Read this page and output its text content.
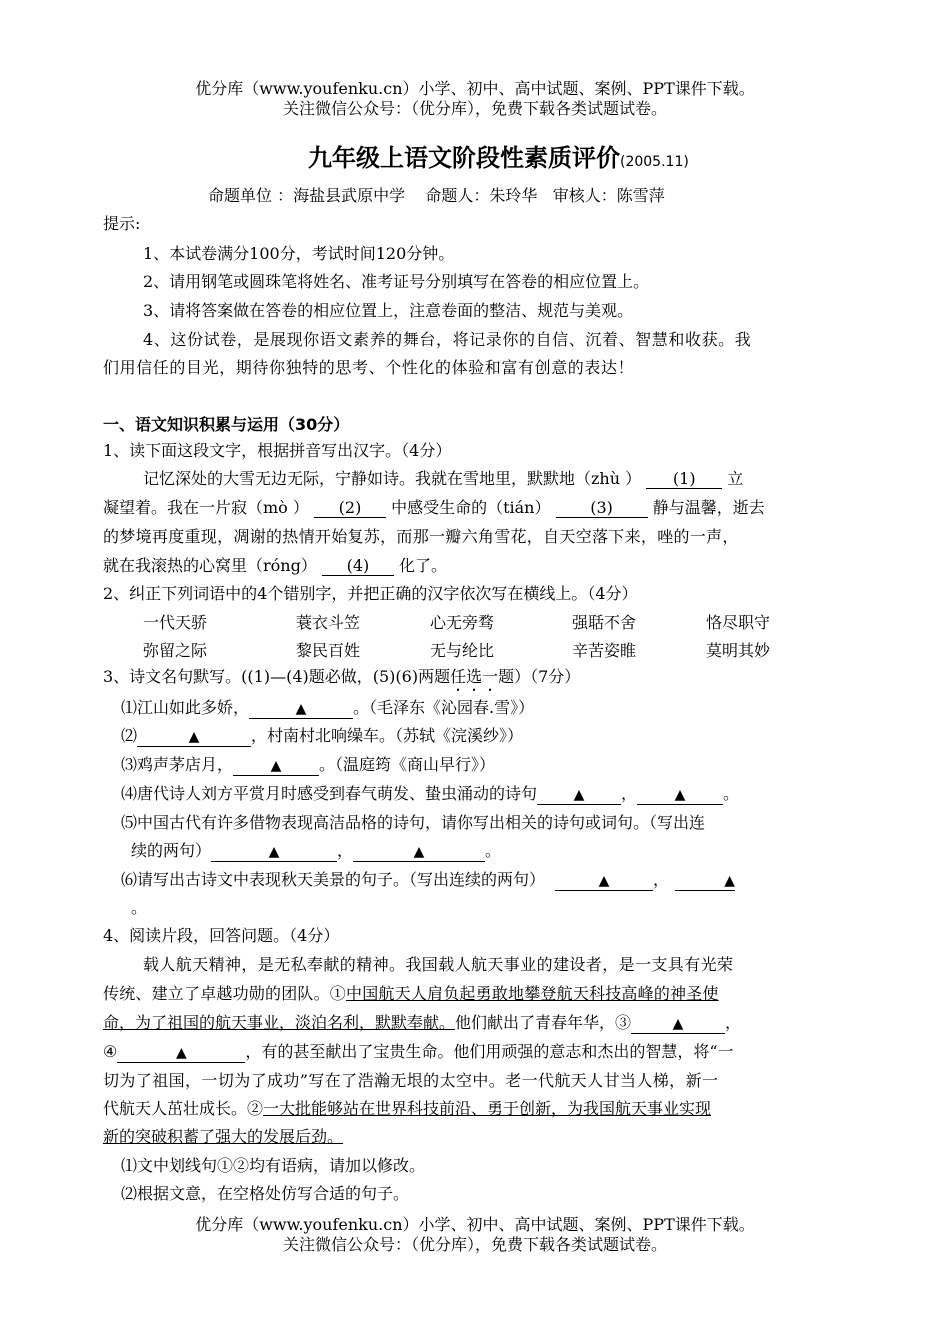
优分库（www.youfenku.cn）小学、初中、高中试题、案例、PPT课件下载。
关注微信公众号：（优分库），免费下载各类试题试卷。
九年级上语文阶段性素质评价(2005.11)
命题单位 ：海盐县武原中学    命题人：朱玲华   审核人：陈雪萍
提示:
1、本试卷满分100分，考试时间120分钟。
2、请用钢笔或圆珠笔将姓名、准考证号分别填写在答卷的相应位置上。
3、请将答案做在答卷的相应位置上，注意卷面的整洁、规范与美观。
4、这份试卷，是展现你语文素养的舞台，将记录你的自信、沉着、智慧和收获。我
们用信任的目光，期待你独特的思考、个性化的体验和富有创意的表达！
一、语文知识积累与运用（30分）
1、读下面这段文字，根据拼音写出汉字。（4分）
记忆深处的大雪无边无际，宁静如诗。我就在雪地里，默默地（zhù ） (1) 立
凝望着。我在一片寂（mò ） (2) 中感受生命的（tián） (3) 静与温馨，逝去
的梦境再度重现，凋谢的热情开始复苏，而那一瓣六角雪花，自天空落下来，唑的一声，
就在我滚热的心窝里（róng） (4) 化了。
2、纠正下列词语中的4个错别字，并把正确的汉字依次写在横线上。（4分）
一代天骄	蓑衣斗笠	心无旁骛	强聒不舍	恪尽职守
弥留之际	黎民百姓	无与纶比	辛苦姿睢	莫明其妙
3、诗文名句默写。((1)—(4)题必做，(5)(6)两题任选一题）（7分）
⑴江山如此多娇，	▲	。（毛泽东《沁园春.雪》）
⑵	▲	，村南村北响缲车。（苏轼《浣溪纱》）
⑶鸡声茅店月，	▲ 。（温庭筠《商山早行》）
⑷唐代诗人刘方平赏月时感受到春气萌发、蛰虫涌动的诗句	▲ ，	▲ 。
⑸中国古代有许多借物表现高洁品格的诗句，请你写出相关的诗句或词句。（写出连
续的两句）	▲	，	▲	。
⑹请写出古诗文中表现秋天美景的句子。（写出连续的两句）	▲	，	▲
。
4、阅读片段，回答问题。（4分）
载人航天精神，是无私奉献的精神。我国载人航天事业的建设者，是一支具有光荣
传统、建立了卓越功勋的团队。①中国航天人肩负起勇敢地攀登航天科技高峰的神圣使
命，为了祖国的航天事业，淡泊名利，默默奉献。他们献出了青春年华，③	▲	，
④	▲	，有的甚至献出了宝贵生命。他们用顽强的意志和杰出的智慧，将“一
切为了祖国，一切为了成功”写在了浩瀚无垠的太空中。老一代航天人甘当人梯，新一
代航天人茁壮成长。②一大批能够站在世界科技前沿、勇于创新，为我国航天事业实现
新的突破积蓄了强大的发展后劲。
⑴文中划线句①②均有语病，请加以修改。
⑵根据文意，在空格处仿写合适的句子。
优分库（www.youfenku.cn）小学、初中、高中试题、案例、PPT课件下载。
关注微信公众号：（优分库），免费下载各类试题试卷。
